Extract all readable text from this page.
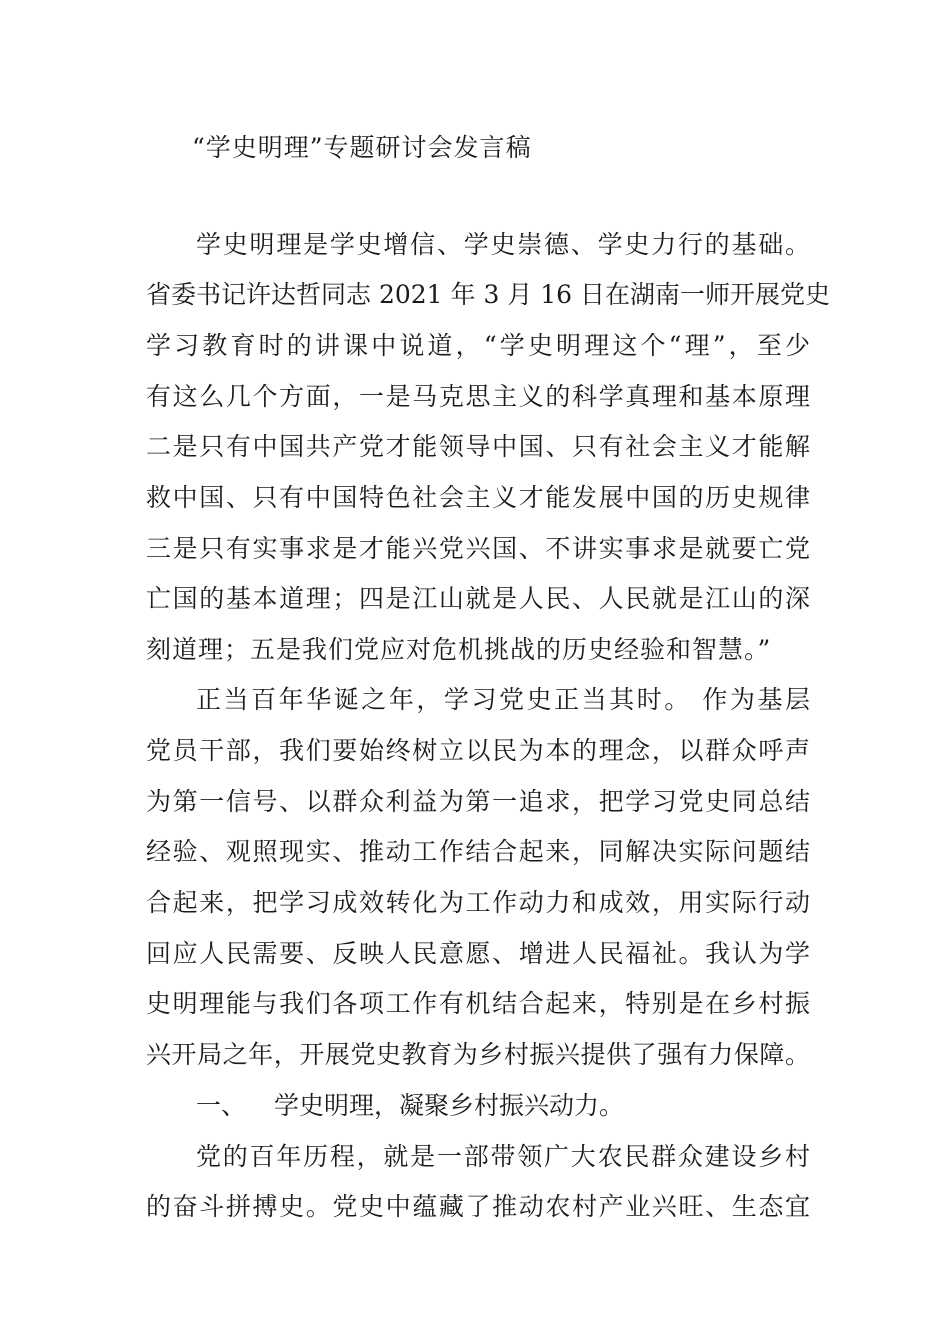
“学史明理”专题研讨会发言稿
学史明理是学史增信、学史崇德、学史力行的基础。
省委书记许达哲同志 2021 年 3 月 16 日在湖南一师开展党史
学习教育时的讲课中说道，“学史明理这个“理”，至少
有这么几个方面，一是马克思主义的科学真理和基本原理
二是只有中国共产党才能领导中国、只有社会主义才能解
救中国、只有中国特色社会主义才能发展中国的历史规律
三是只有实事求是才能兴党兴国、不讲实事求是就要亡党
亡国的基本道理；四是江山就是人民、人民就是江山的深
刻道理；五是我们党应对危机挑战的历史经验和智慧。”
正当百年华诞之年，学习党史正当其时。 作为基层
党员干部，我们要始终树立以民为本的理念，以群众呼声
为第一信号、以群众利益为第一追求，把学习党史同总结
经验、观照现实、推动工作结合起来，同解决实际问题结
合起来，把学习成效转化为工作动力和成效，用实际行动
回应人民需要、反映人民意愿、增进人民福祉。我认为学
史明理能与我们各项工作有机结合起来，特别是在乡村振
兴开局之年，开展党史教育为乡村振兴提供了强有力保障。
一、 学史明理，凝聚乡村振兴动力。
党的百年历程，就是一部带领广大农民群众建设乡村
的奋斗拼搏史。党史中蕴藏了推动农村产业兴旺、生态宜
